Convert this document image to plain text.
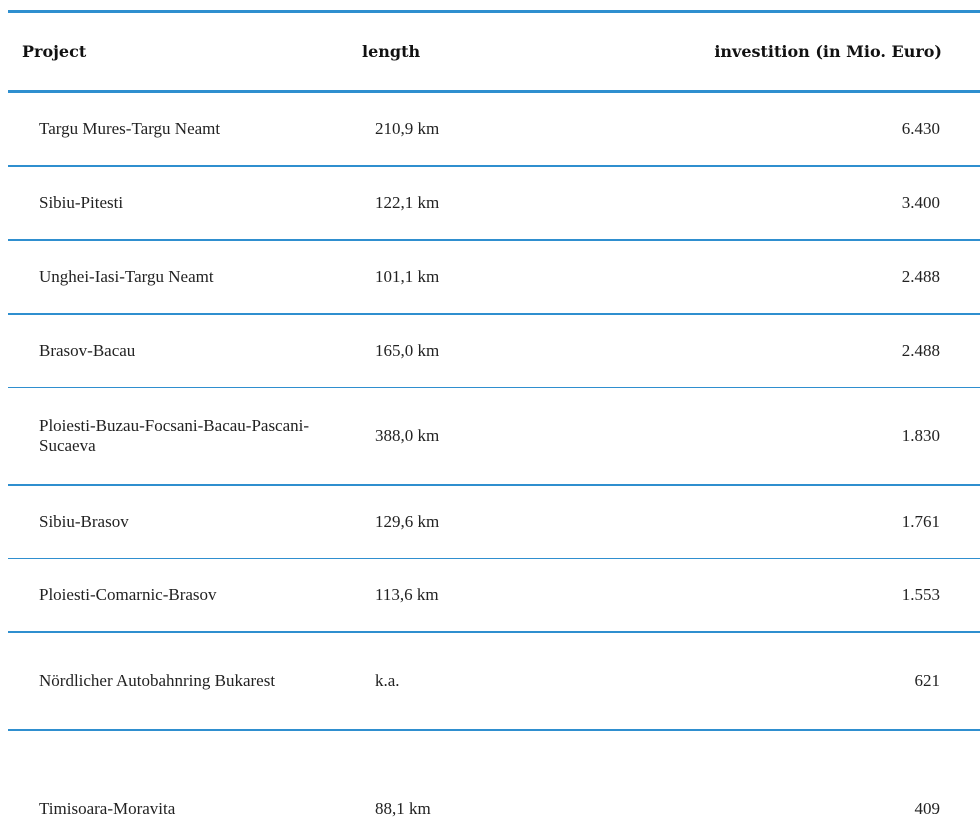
Project	length	investition (in Mio. Euro)
Targu Mures-Targu Neamt	210,9 km	6.430
Sibiu-Pitesti	122,1 km	3.400
Unghei-Iasi-Targu Neamt	101,1 km	2.488
Brasov-Bacau	165,0 km	2.488
Ploiesti-Buzau-Focsani-Bacau-Pascani-Sucaeva	388,0 km	1.830
Sibiu-Brasov	129,6 km	1.761
Ploiesti-Comarnic-Brasov	113,6 km	1.553
Nördlicher Autobahnring Bukarest	k.a.	621
Timisoara-Moravita	88,1 km	409
